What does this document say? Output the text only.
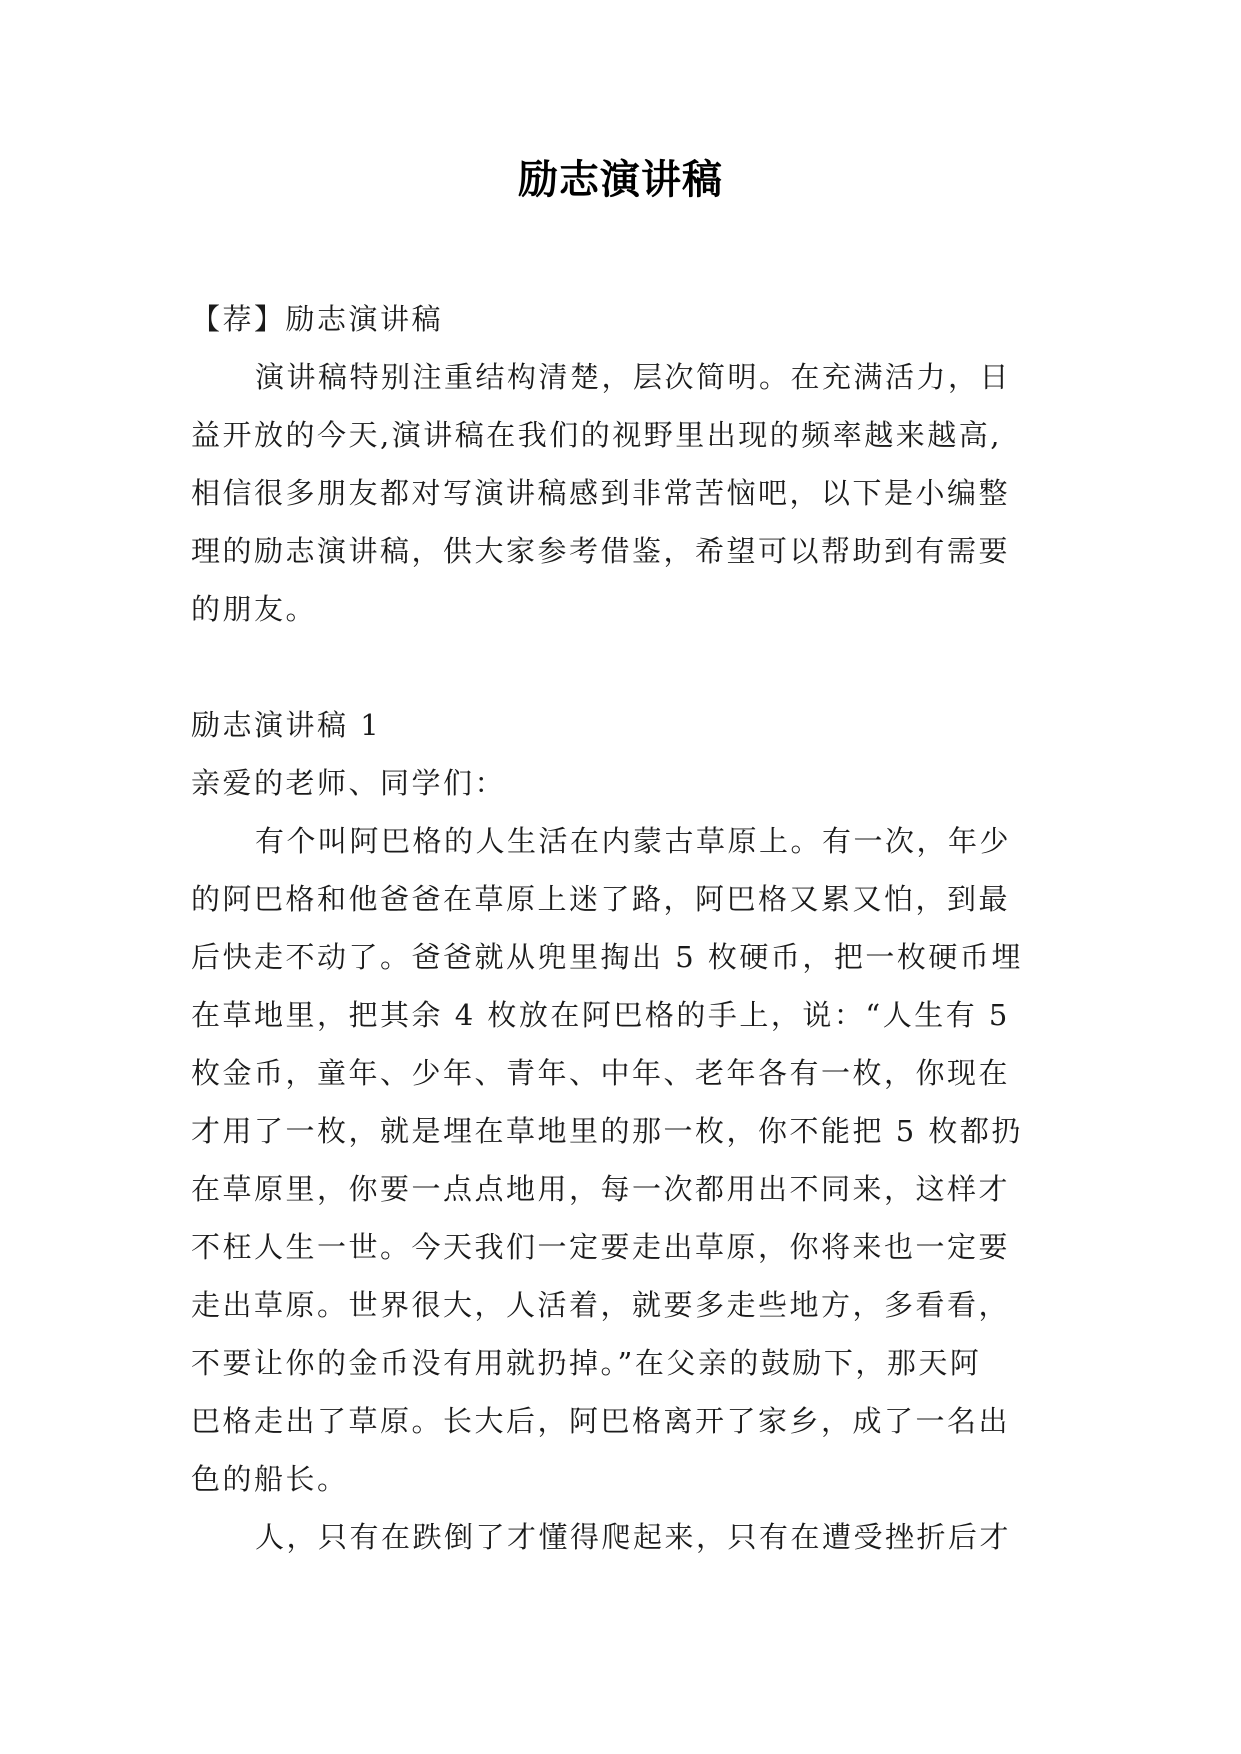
励志演讲稿
【荐】励志演讲稿
演讲稿特别注重结构清楚，层次简明。在充满活力，日
益开放的今天,演讲稿在我们的视野里出现的频率越来越高,
相信很多朋友都对写演讲稿感到非常苦恼吧，以下是小编整
理的励志演讲稿，供大家参考借鉴，希望可以帮助到有需要
的朋友。
励志演讲稿 1
亲爱的老师、同学们：
有个叫阿巴格的人生活在内蒙古草原上。有一次，年少
的阿巴格和他爸爸在草原上迷了路，阿巴格又累又怕，到最
后快走不动了。爸爸就从兜里掏出 5 枚硬币，把一枚硬币埋
在草地里，把其余 4 枚放在阿巴格的手上，说：“人生有 5
枚金币，童年、少年、青年、中年、老年各有一枚，你现在
才用了一枚，就是埋在草地里的那一枚，你不能把 5 枚都扔
在草原里，你要一点点地用，每一次都用出不同来，这样才
不枉人生一世。今天我们一定要走出草原，你将来也一定要
走出草原。世界很大，人活着，就要多走些地方，多看看，
不要让你的金币没有用就扔掉。”在父亲的鼓励下，那天阿
巴格走出了草原。长大后，阿巴格离开了家乡，成了一名出
色的船长。
人，只有在跌倒了才懂得爬起来，只有在遭受挫折后才
